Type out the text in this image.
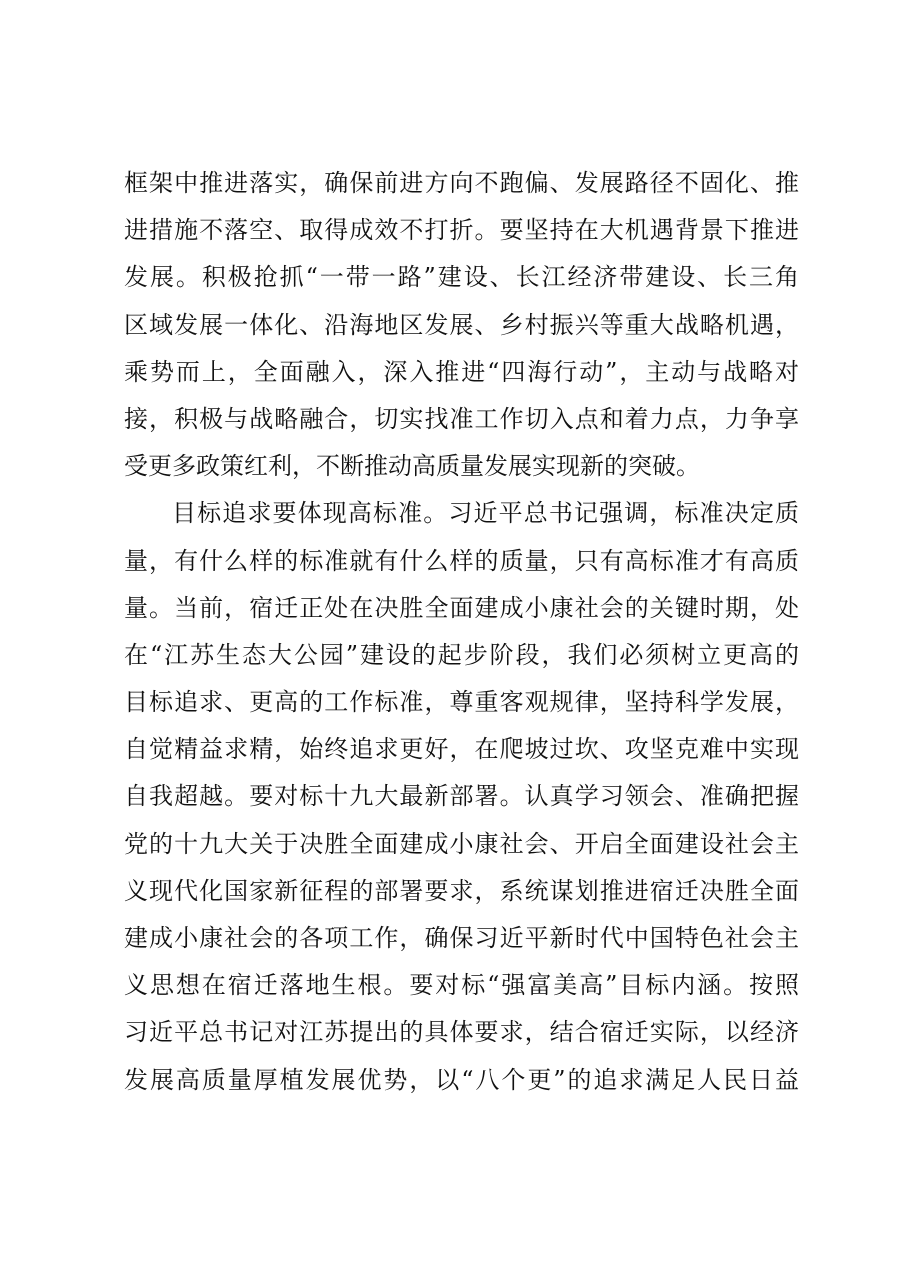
框架中推进落实，确保前进方向不跑偏、发展路径不固化、推
进措施不落空、取得成效不打折。要坚持在大机遇背景下推进
发展。积极抢抓“一带一路”建设、长江经济带建设、长三角
区域发展一体化、沿海地区发展、乡村振兴等重大战略机遇，
乘势而上，全面融入，深入推进“四海行动”，主动与战略对
接，积极与战略融合，切实找准工作切入点和着力点，力争享
受更多政策红利，不断推动高质量发展实现新的突破。
目标追求要体现高标准。习近平总书记强调，标准决定质
量，有什么样的标准就有什么样的质量，只有高标准才有高质
量。当前，宿迁正处在决胜全面建成小康社会的关键时期，处
在“江苏生态大公园”建设的起步阶段，我们必须树立更高的
目标追求、更高的工作标准，尊重客观规律，坚持科学发展，
自觉精益求精，始终追求更好，在爬坡过坎、攻坚克难中实现
自我超越。要对标十九大最新部署。认真学习领会、准确把握
党的十九大关于决胜全面建成小康社会、开启全面建设社会主
义现代化国家新征程的部署要求，系统谋划推进宿迁决胜全面
建成小康社会的各项工作，确保习近平新时代中国特色社会主
义思想在宿迁落地生根。要对标“强富美高”目标内涵。按照
习近平总书记对江苏提出的具体要求，结合宿迁实际，以经济
发展高质量厚植发展优势，以“八个更”的追求满足人民日益
